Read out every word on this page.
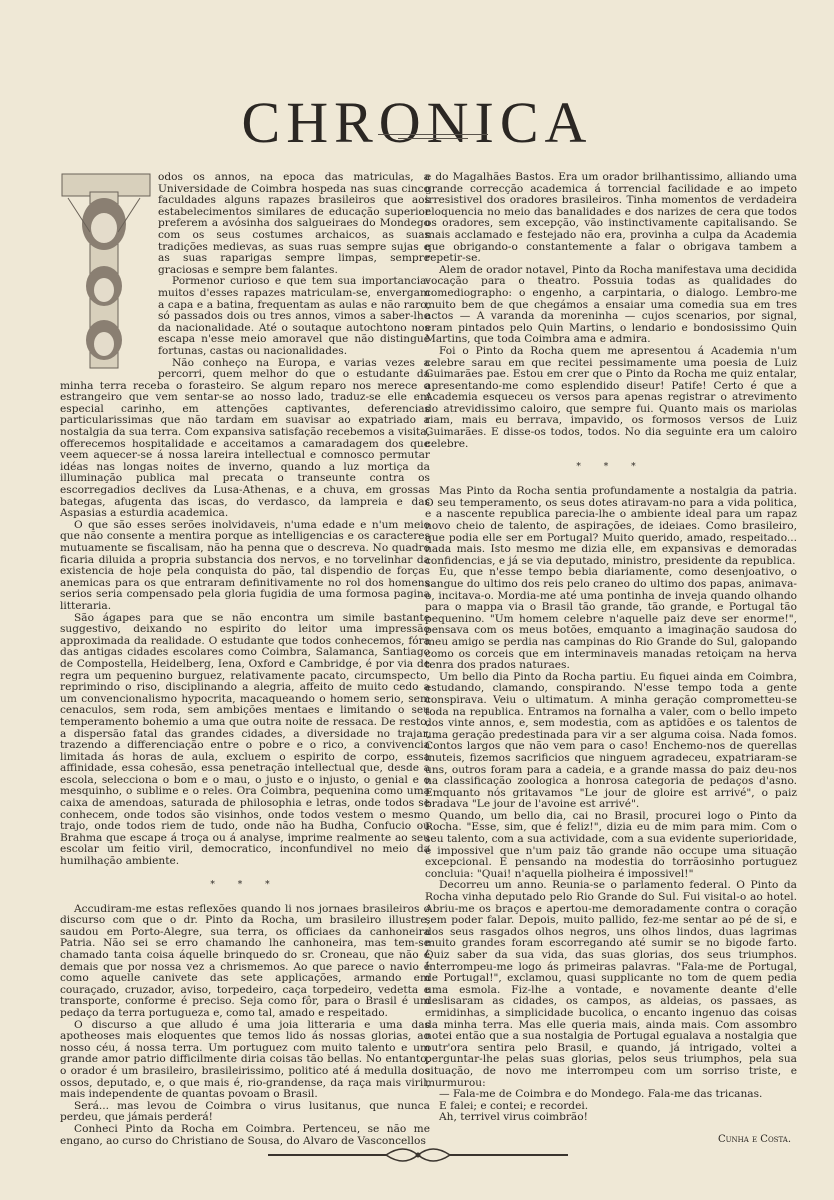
CHRONICA

odos os annos, na epoca das matriculas, a Universidade de Coimbra hospeda nas suas cinco faculdades alguns rapazes brasileiros que aos estabelecimentos similares de educação superior preferem a avósinha dos salgueiraes do Mondego com os seus costumes archaicos, as suas tradições medievas, as suas ruas sempre sujas e as suas raparigas sempre limpas, sempre graciosas e sempre bem falantes.

Pormenor curioso e que tem sua importancia: muitos d'esses rapazes matriculam-se, envergam a capa e a batina, frequentam as aulas e não raro, só passados dois ou tres annos, vimos a saber-lhe da nacionalidade. Até o soutaque autochtono nos escapa n'esse meio amoravel que não distingue fortunas, castas ou nacionalidades.

Não conheço na Europa, e varias vezes a percorri, quem melhor do que o estudante da minha terra receba o forasteiro. Se algum reparo nos merece o estrangeiro que vem sentar-se ao nosso lado, traduz-se elle em especial carinho, em attenções captivantes, deferencias particularissimas que não tardam em suavisar ao expatriado a nostalgia da sua terra. Com expansiva satisfação recebemos a visita, offerecemos hospitalidade e acceitamos a camaradagem dos que veem aquecer-se á nossa lareira intellectual e comnosco permutar idéas nas longas noites de inverno, quando a luz mortiça da illuminação publica mal precata o transeunte contra os escorregadios declives da Lusa-Athenas, e a chuva, em grossas bategas, afugenta das iscas, do verdasco, da lampreia e das Aspasias a esturdia academica.

O que são esses serões inolvidaveis, n'uma edade e n'um meio que não consente a mentira porque as intelligencias e os caracteres mutuamente se fiscalisam, não ha penna que o descreva. No quadro ficaria diluida a propria substancia dos nervos, e no torvelinhar da existencia de hoje pela conquista do pão, tal dispendio de forças anemicas para os que entraram definitivamente no rol dos homens serios seria compensado pela gloria fugidia de uma formosa pagina litteraria.

São ágapes para que se não encontra um simile bastante suggestivo, deixando no espirito do leitor uma impressão approximada da realidade. O estudante que todos conhecemos, fóra das antigas cidades escolares como Coimbra, Salamanca, Santiago de Compostella, Heidelberg, Iena, Oxford e Cambridge, é por via de regra um pequenino burguez, relativamente pacato, circumspecto, reprimindo o riso, disciplinando a alegria, affeito de muito cedo a um convencionalismo hypocrita, macaqueando o homem serio, sem cenaculos, sem roda, sem ambições mentaes e limitando o seu temperamento bohemio a uma que outra noite de ressaca. De resto, a dispersão fatal das grandes cidades, a diversidade no trajar, trazendo a differenciação entre o pobre e o rico, a convivencia limitada ás horas de aula, excluem o espirito de corpo, essa affinidade, essa cohesão, essa penetração intellectual que, desde a escola, selecciona o bom e o mau, o justo e o injusto, o genial e o mesquinho, o sublime e o reles. Ora Coimbra, pequenina como uma caixa de amendoas, saturada de philosophia e letras, onde todos se conhecem, onde todos são visinhos, onde todos vestem o mesmo trajo, onde todos riem de tudo, onde não ha Budha, Confucio ou Brahma que escape á troça ou á analyse, imprime realmente ao seu escolar um feitio viril, democratico, inconfundivel no meio da humilhação ambiente.

* * *

Accudiram-me estas reflexões quando li nos jornaes brasileiros o discurso com que o dr. Pinto da Rocha, um brasileiro illustre, saudou em Porto-Alegre, sua terra, os officiaes da canhoneira Patria. Não sei se erro chamando lhe canhoneira, mas tem-se chamado tanta coisa áquelle brinquedo do sr. Croneau, que não é demais que por nossa vez a chrismemos. Ao que parece o navio é como aquelle canivete das sete applicações, armando em couraçado, cruzador, aviso, torpedeiro, caça torpedeiro, vedetta e transporte, conforme é preciso. Seja como fôr, para o Brasil é um pedaço da terra portugueza e, como tal, amado e respeitado.

O discurso a que alludo é uma joia litteraria e uma das apotheoses mais eloquentes que temos lido ás nossas glorias, ao nosso céu, á nossa terra. Um portuguez com muito talento e um grande amor patrio difficilmente diria coisas tão bellas. No entanto, o orador é um brasileiro, brasileirissimo, politico até á medulla dos ossos, deputado, e, o que mais é, rio-grandense, da raça mais viril, mais independente de quantas povoam o Brasil.

Será... mas levou de Coimbra o virus lusitanus, que nunca perdeu, que jámais perderá!

Conheci Pinto da Rocha em Coimbra. Pertenceu, se não me engano, ao curso do Christiano de Sousa, do Alvaro de Vasconcellos

e do Magalhães Bastos. Era um orador brilhantissimo, alliando uma grande correcção academica á torrencial facilidade e ao impeto irresistivel dos oradores brasileiros. Tinha momentos de verdadeira eloquencia no meio das banalidades e dos narizes de cera que todos os oradores, sem excepção, vão instinctivamente capitalisando. Se mais acclamado e festejado não era, provinha a culpa da Academia que obrigando-o constantemente a falar o obrigava tambem a repetir-se.

Alem de orador notavel, Pinto da Rocha manifestava uma decidida vocação para o theatro. Possuia todas as qualidades do comediographo: o engenho, a carpintaria, o dialogo. Lembro-me muito bem de que chegámos a ensaiar uma comedia sua em tres actos — A varanda da moreninha — cujos scenarios, por signal, eram pintados pelo Quin Martins, o lendario e bondosissimo Quin Martins, que toda Coimbra ama e admira.

Foi o Pinto da Rocha quem me apresentou á Academia n'um celebre sarau em que recitei pessimamente uma poesia de Luiz Guimarães pae. Estou em crer que o Pinto da Rocha me quiz entalar, apresentando-me como esplendido diseur! Patife! Certo é que a Academia esqueceu os versos para apenas registrar o atrevimento do atrevidissimo caloiro, que sempre fui. Quanto mais os mariolas riam, mais eu berrava, impavido, os formosos versos de Luiz Guimarães. E disse-os todos, todos. No dia seguinte era um caloiro celebre.

* * *

Mas Pinto da Rocha sentia profundamente a nostalgia da patria. O seu temperamento, os seus dotes atiravam-no para a vida politica, e a nascente republica parecia-lhe o ambiente ideal para um rapaz novo cheio de talento, de aspirações, de ideiaes. Como brasileiro, que podia elle ser em Portugal? Muito querido, amado, respeitado... nada mais. Isto mesmo me dizia elle, em expansivas e demoradas confidencias, e já se via deputado, ministro, presidente da republica.

Eu, que n'esse tempo bebia diariamente, como desenjoativo, o sangue do ultimo dos reis pelo craneo do ultimo dos papas, animava-o, incitava-o. Mordia-me até uma pontinha de inveja quando olhando para o mappa via o Brasil tão grande, tão grande, e Portugal tão pequenino. "Um homem celebre n'aquelle paiz deve ser enorme!", pensava com os meus botões, emquanto a imaginação saudosa do meu amigo se perdia nas campinas do Rio Grande do Sul, galopando como os corceis que em interminaveis manadas retoiçam na herva tenra dos prados naturaes.

Um bello dia Pinto da Rocha partiu. Eu fiquei ainda em Coimbra, estudando, clamando, conspirando. N'esse tempo toda a gente conspirava. Veiu o ultimatum. A minha geração comprometteu-se toda na republica. Entramos na fornalha a valer, com o bello impeto dos vinte annos, e, sem modestia, com as aptidões e os talentos de uma geração predestinada para vir a ser alguma coisa. Nada fomos. Contos largos que não vem para o caso! Enchemo-nos de querellas inuteis, fizemos sacrificios que ninguem agradeceu, expatriaram-se uns, outros foram para a cadeia, e a grande massa do paiz deu-nos na classificação zoologica a honrosa categoria de pedaços d'asno. Emquanto nós gritavamos "Le jour de gloire est arrivé", o paiz bradava "Le jour de l'avoine est arrivé".

Quando, um bello dia, cai no Brasil, procurei logo o Pinto da Rocha. "Esse, sim, que é feliz!", dizia eu de mim para mim. Com o seu talento, com a sua actividade, com a sua evidente superioridade, é impossivel que n'um paiz tão grande não occupe uma situação excepcional. E pensando na modestia do torrãosinho portuguez concluia: "Quai! n'aquella piolheira é impossivel!"

Decorreu um anno. Reunia-se o parlamento federal. O Pinto da Rocha vinha deputado pelo Rio Grande do Sul. Fui visital-o ao hotel. Abriu-me os braços e apertou-me demoradamente contra o coração sem poder falar. Depois, muito pallido, fez-me sentar ao pé de si, e dos seus rasgados olhos negros, uns olhos lindos, duas lagrimas muito grandes foram escorregando até sumir se no bigode farto. Quiz saber da sua vida, das suas glorias, dos seus triumphos. Interrompeu-me logo ás primeiras palavras. "Fala-me de Portugal, de Portugal!", exclamou, quasi supplicante no tom de quem pedia uma esmola. Fiz-lhe a vontade, e novamente deante d'elle deslisaram as cidades, os campos, as aldeias, os passaes, as ermidinhas, a simplicidade bucolica, o encanto ingenuo das coisas da minha terra. Mas elle queria mais, ainda mais. Com assombro notei então que a sua nostalgia de Portugal egualava a nostalgia que outr'ora sentira pelo Brasil, e quando, já intrigado, voltei a perguntar-lhe pelas suas glorias, pelos seus triumphos, pela sua situação, de novo me interrompeu com um sorriso triste, e murmurou:

— Fala-me de Coimbra e do Mondego. Fala-me das tricanas.

E falei; e contei; e recordei.

Ah, terrivel virus coimbrão!

Cunha e Costa.
